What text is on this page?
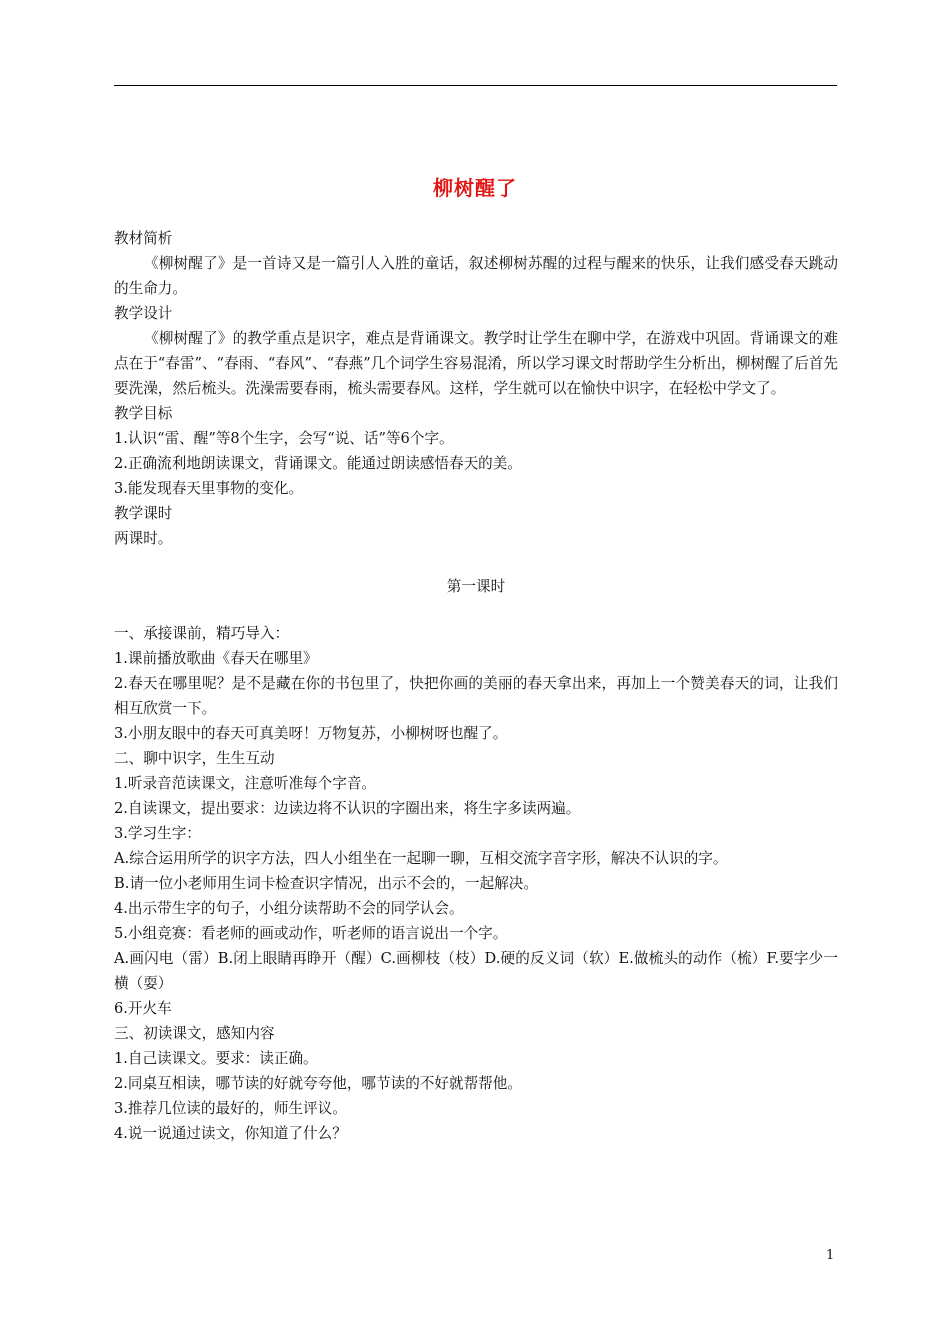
柳树醒了

教材简析

《柳树醒了》是一首诗又是一篇引人入胜的童话，叙述柳树苏醒的过程与醒来的快乐，让我们感受春天跳动的生命力。

教学设计

《柳树醒了》的教学重点是识字，难点是背诵课文。教学时让学生在聊中学，在游戏中巩固。背诵课文的难点在于“春雷”、“春雨、“春风”、“春燕”几个词学生容易混淆，所以学习课文时帮助学生分析出，柳树醒了后首先要洗澡，然后梳头。洗澡需要春雨，梳头需要春风。这样，学生就可以在愉快中识字，在轻松中学文了。

教学目标

1.认识“雷、醒”等8个生字，会写“说、话”等6个字。

2.正确流利地朗读课文，背诵课文。能通过朗读感悟春天的美。

3.能发现春天里事物的变化。

教学课时

两课时。

第一课时

一、承接课前，精巧导入：

1.课前播放歌曲《春天在哪里》

2.春天在哪里呢？是不是藏在你的书包里了，快把你画的美丽的春天拿出来，再加上一个赞美春天的词，让我们相互欣赏一下。

3.小朋友眼中的春天可真美呀！万物复苏，小柳树呀也醒了。

二、聊中识字，生生互动

1.听录音范读课文，注意听准每个字音。

2.自读课文，提出要求：边读边将不认识的字圈出来，将生字多读两遍。

3.学习生字：

A.综合运用所学的识字方法，四人小组坐在一起聊一聊，互相交流字音字形，解决不认识的字。

B.请一位小老师用生词卡检查识字情况，出示不会的，一起解决。

4.出示带生字的句子，小组分读帮助不会的同学认会。

5.小组竞赛：看老师的画或动作，听老师的语言说出一个字。

A.画闪电（雷）B.闭上眼睛再睁开（醒）C.画柳枝（枝）D.硬的反义词（软）E.做梳头的动作（梳）F.要字少一横（耍）

6.开火车

三、初读课文，感知内容

1.自己读课文。要求：读正确。

2.同桌互相读，哪节读的好就夸夸他，哪节读的不好就帮帮他。

3.推荐几位读的最好的，师生评议。

4.说一说通过读文，你知道了什么？

1
